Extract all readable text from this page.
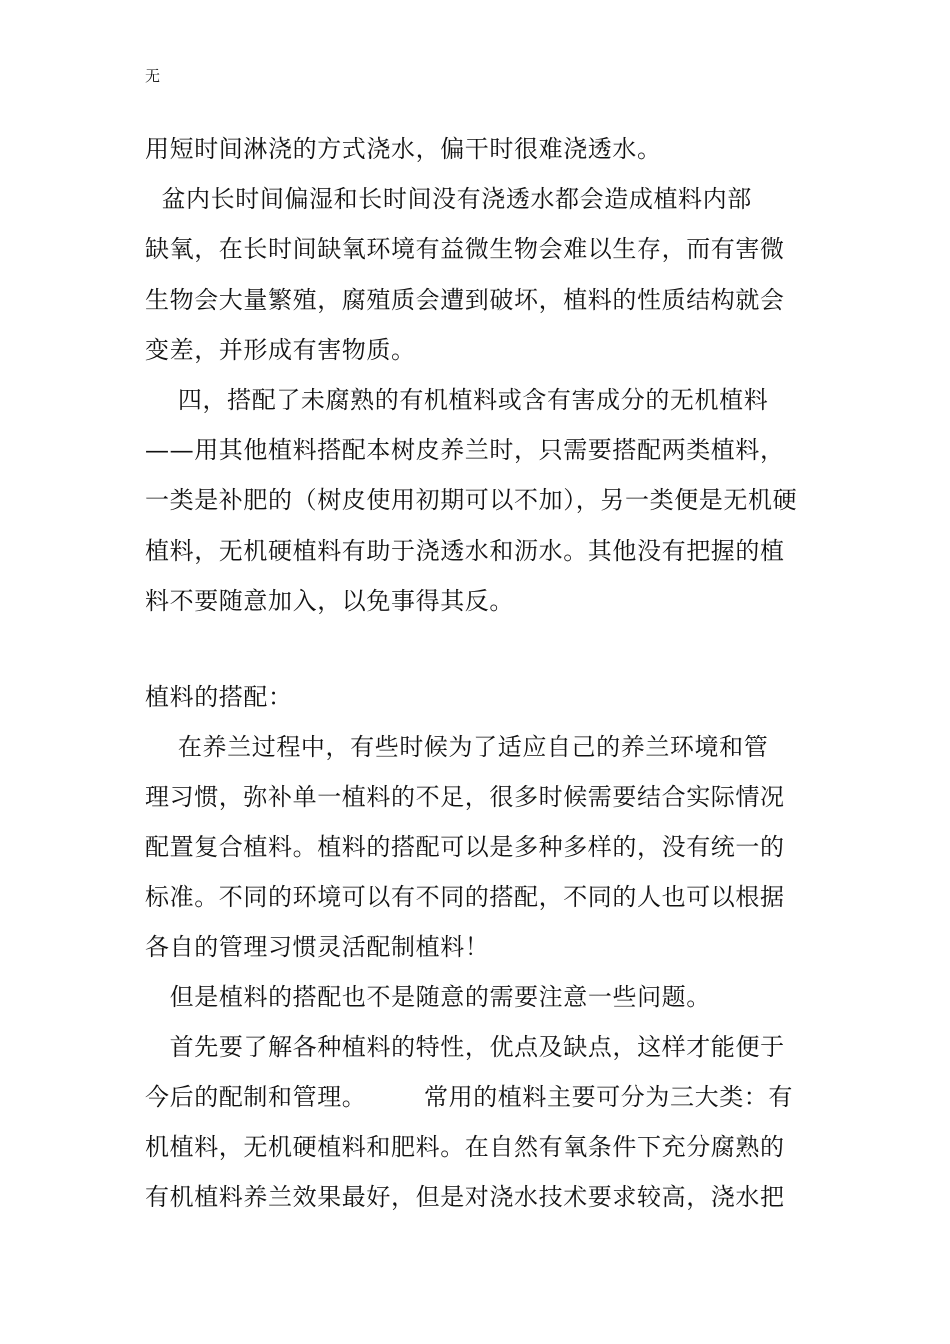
无
用短时间淋浇的方式浇水，偏干时很难浇透水。
盆内长时间偏湿和长时间没有浇透水都会造成植料内部
缺氧，在长时间缺氧环境有益微生物会难以生存，而有害微
生物会大量繁殖，腐殖质会遭到破坏，植料的性质结构就会
变差，并形成有害物质。
四，搭配了未腐熟的有机植料或含有害成分的无机植料
——用其他植料搭配本树皮养兰时，只需要搭配两类植料，
一类是补肥的（树皮使用初期可以不加），另一类便是无机硬
植料，无机硬植料有助于浇透水和沥水。其他没有把握的植
料不要随意加入，以免事得其反。
植料的搭配：
在养兰过程中，有些时候为了适应自己的养兰环境和管
理习惯，弥补单一植料的不足，很多时候需要结合实际情况
配置复合植料。植料的搭配可以是多种多样的，没有统一的
标准。不同的环境可以有不同的搭配，不同的人也可以根据
各自的管理习惯灵活配制植料！
但是植料的搭配也不是随意的需要注意一些问题。
首先要了解各种植料的特性，优点及缺点，这样才能便于
今后的配制和管理。       常用的植料主要可分为三大类：有
机植料，无机硬植料和肥料。在自然有氧条件下充分腐熟的
有机植料养兰效果最好，但是对浇水技术要求较高，浇水把
